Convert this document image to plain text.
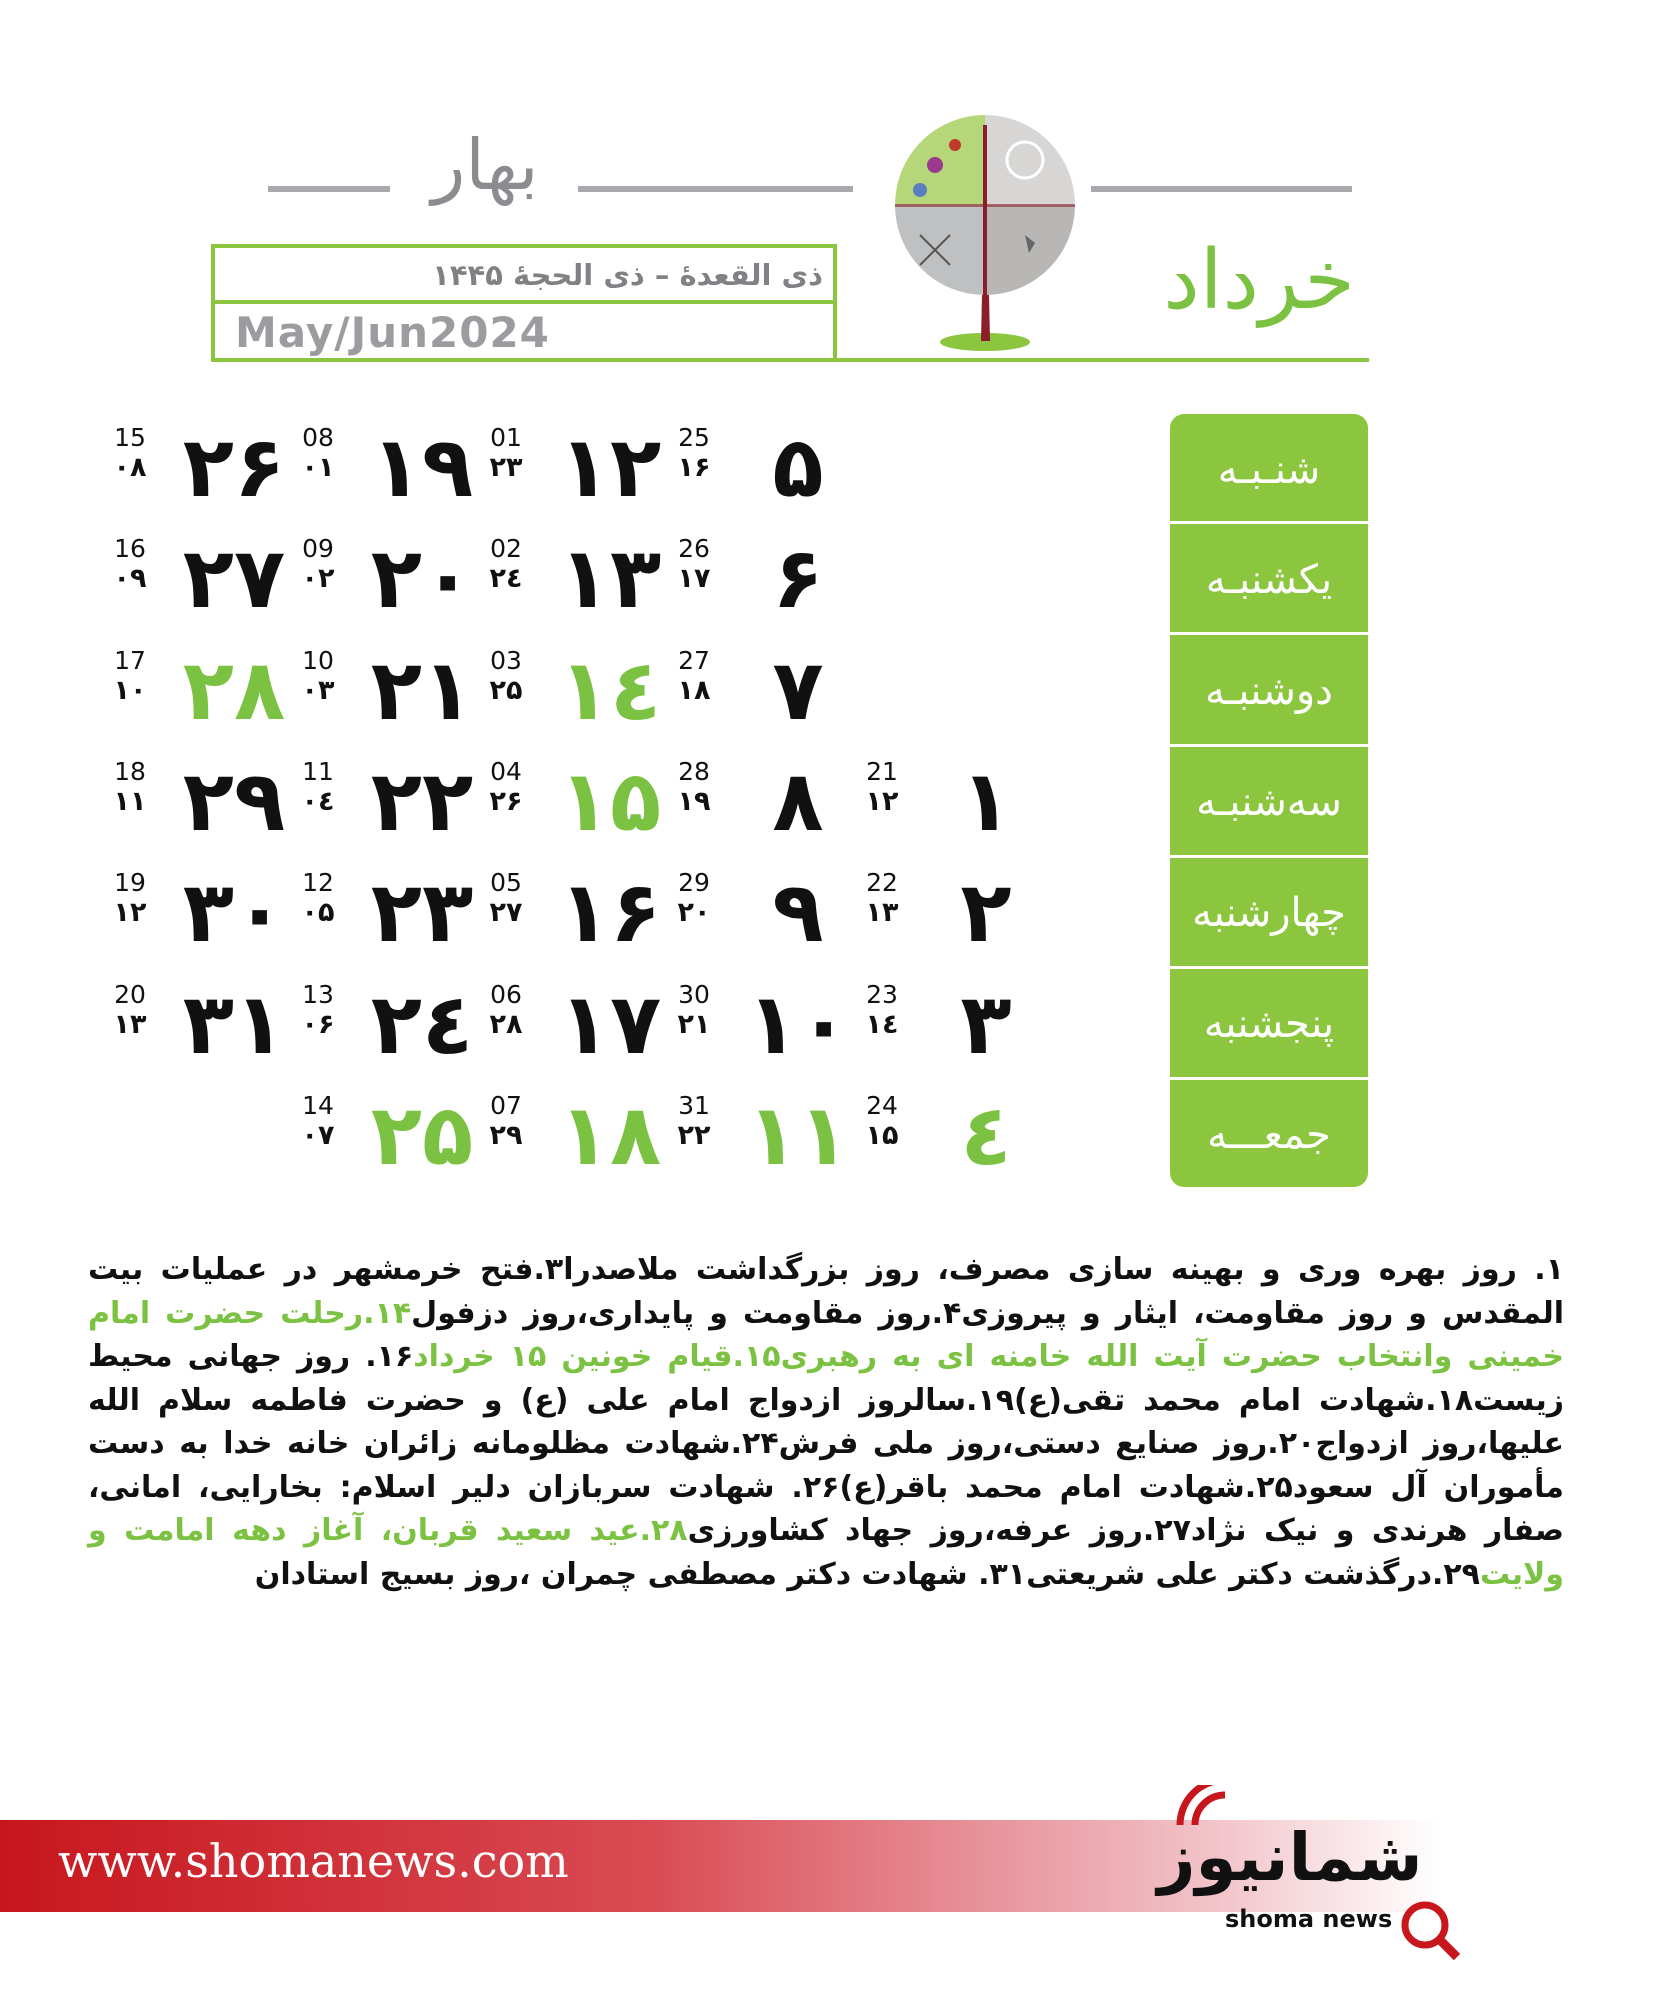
بهار
خرداد
ذی القعدۀ – ذی الحجۀ ۱۴۴۵
May/Jun2024
شنـبـه
یکشنبـه
دوشنبـه
سه‌شنبـه
چهارشنبه
پنجشنبه
جمعـــه
۱
21
۱۲
۲
22
۱۳
۳
23
۱٤
٤
24
۱۵
۵
25
۱۶
۶
26
۱۷
۷
27
۱۸
۸
28
۱۹
۹
29
۲۰
۱۰
30
۲۱
۱۱
31
۲۲
۱۲
01
۲۳
۱۳
02
۲٤
۱٤
03
۲۵
۱۵
04
۲۶
۱۶
05
۲۷
۱۷
06
۲۸
۱۸
07
۲۹
۱۹
08
۰۱
۲۰
09
۰۲
۲۱
10
۰۳
۲۲
11
۰٤
۲۳
12
۰۵
۲٤
13
۰۶
۲۵
14
۰۷
۲۶
15
۰۸
۲۷
16
۰۹
۲۸
17
۱۰
۲۹
18
۱۱
۳۰
19
۱۲
۳۱
20
۱۳
۱. روز بهره وری و بهینه سازی مصرف، روز بزرگداشت ملاصدرا۳.فتح خرمشهر در عملیات بیت المقدس و روز مقاومت، ایثار و پیروزی۴.روز مقاومت و پایداری،روز دزفول۱۴.رحلت حضرت امام خمینی وانتخاب حضرت آیت الله خامنه ای به رهبری۱۵.قیام خونین ۱۵ خرداد۱۶. روز جهانی محیط زیست۱۸.شهادت امام محمد تقی(ع)۱۹.سالروز ازدواج امام علی (ع) و حضرت فاطمه سلام الله علیها،روز ازدواج۲۰.روز صنایع دستی،روز ملی فرش۲۴.شهادت مظلومانه زائران خانه خدا به دست مأموران آل سعود۲۵.شهادت امام محمد باقر(ع)۲۶. شهادت سربازان دلیر اسلام: بخارایی، امانی، صفار هرندی و نیک نژاد۲۷.روز عرفه،روز جهاد کشاورزی۲۸.عید سعید قربان، آغاز دهه امامت و ولایت۲۹.درگذشت دکتر علی شریعتی۳۱. شهادت دکتر مصطفی چمران ،روز بسیج استادان
www.shomanews.com	شمانیوز
shoma news
